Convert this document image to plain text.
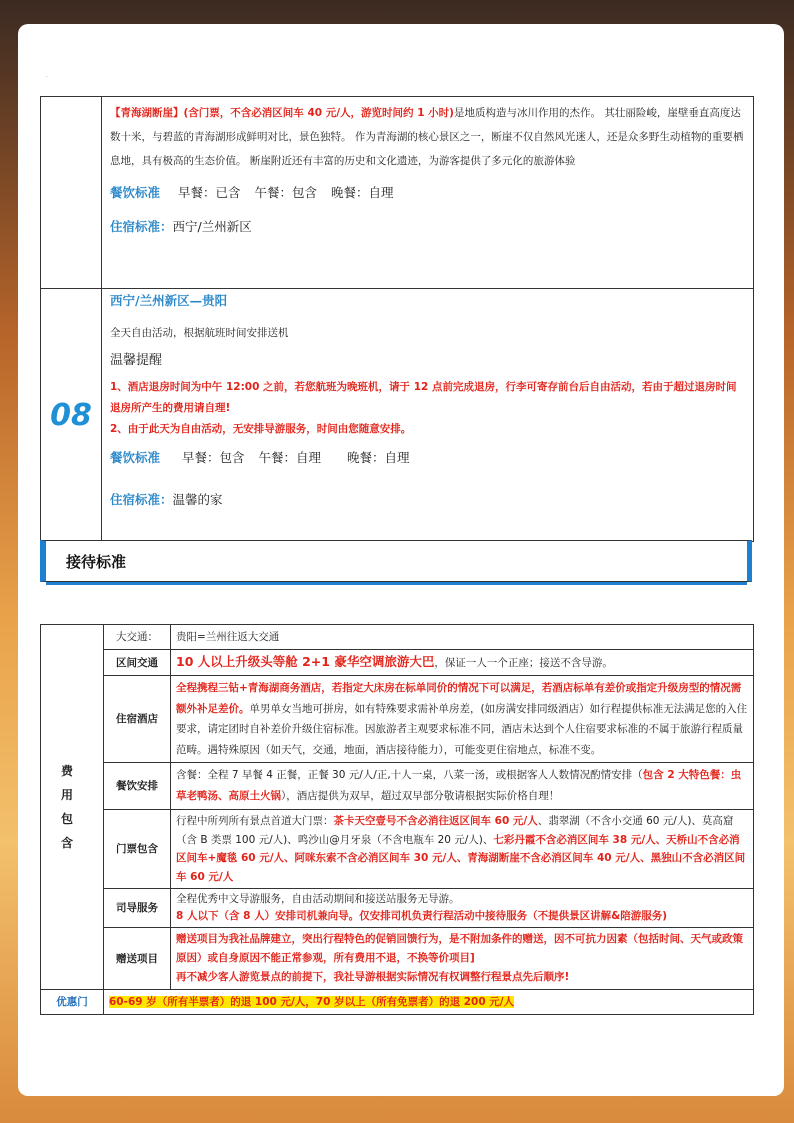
·
【青海湖断崖】(含门票，不含必消区间车 40 元/人，游览时间约 1 小时)是地质构造与冰川作用的杰作。 其壮丽险峻，崖壁垂直高度达数十米，与碧蓝的青海湖形成鲜明对比，景色独特。 作为青海湖的核心景区之一，断崖不仅自然风光迷人，还是众多野生动植物的重要栖息地，具有极高的生态价值。 断崖附近还有丰富的历史和文化遗迹，为游客提供了多元化的旅游体验
餐饮标准 早餐：已含 午餐：包含 晚餐：自理
住宿标准：西宁/兰州新区
08
西宁/兰州新区—贵阳
全天自由活动，根据航班时间安排送机
温馨提醒
1、酒店退房时间为中午 12:00 之前，若您航班为晚班机，请于 12 点前完成退房，行李可寄存前台后自由活动，若由于超过退房时间退房所产生的费用请自理!
2、由于此天为自由活动，无安排导游服务，时间由您随意安排。
餐饮标准 早餐：包含 午餐：自理 晚餐：自理
住宿标准：温馨的家
接待标准
费 用 包 含	大交通：	贵阳=兰州往返大交通
	区间交通	10 人以上升级头等舱 2+1 豪华空调旅游大巴，保证一人一个正座；接送不含导游。
	住宿酒店	全程携程三钻+青海湖商务酒店，若指定大床房在标单同价的情况下可以满足，若酒店标单有差价或指定升级房型的情况需额外补足差价。单男单女当地可拼房，如有特殊要求需补单房差，(如房满安排同级酒店）如行程提供标准无法满足您的入住要求，请定团时自补差价升级住宿标准。因旅游者主观要求标准不同，酒店未达到个人住宿要求标准的不属于旅游行程质量范畴。遇特殊原因（如天气，交通，地面，酒店接待能力），可能变更住宿地点，标准不变。
	餐饮安排	含餐：全程 7 早餐 4 正餐，正餐 30 元/人/正,十人一桌，八菜一汤，或根据客人人数情况酌情安排（包含 2 大特色餐：虫草老鸭汤、高原土火锅），酒店提供为双早，超过双早部分敬请根据实际价格自理！
	门票包含	行程中所列所有景点首道大门票：茶卡天空壹号不含必消往返区间车 60 元/人、翡翠湖（不含小交通 60 元/人)、莫高窟（含 B 类票 100 元/人)、鸣沙山@月牙泉（不含电瓶车 20 元/人)、七彩丹霞不含必消区间车 38 元/人、天桥山不含必消区间车+魔毯 60 元/人、阿咪东索不含必消区间车 30 元/人、青海湖断崖不含必消区间车 40 元/人、黑独山不含必消区间车 60 元/人
	司导服务	全程优秀中文导游服务，自由活动期间和接送站服务无导游。
8 人以下（含 8 人）安排司机兼向导。仅安排司机负责行程活动中接待服务（不提供景区讲解&陪游服务)

	赠送项目	赠送项目为我社品牌建立，突出行程特色的促销回馈行为，是不附加条件的赠送，因不可抗力因素（包括时间、天气或政策原因）或自身原因不能正常参观，所有费用不退，不换等价项目]
再不减少客人游览景点的前提下，我社导游根据实际情况有权调整行程景点先后顺序!

优惠门	60-69 岁（所有半票者）的退 100 元/人，70 岁以上（所有免票者）的退 200 元/人	
